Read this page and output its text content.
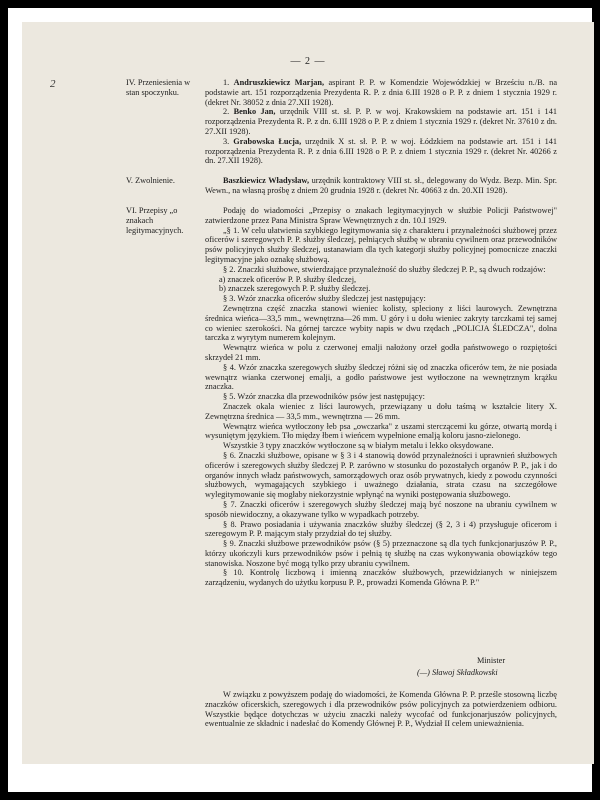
— 2 —
2	IV. Przeniesienia w stan spoczynku.

1. Andruszkiewicz Marjan, aspirant P. P. w Komendzie Wojewódzkiej w Brześciu n./B. na podstawie art. 151 rozporządzenia Prezydenta R. P. z dnia 6.III 1928 o P. P. z dniem 1 stycznia 1929 r. (dekret Nr. 38052 z dnia 27.XII 1928).

2. Benko Jan, urzędnik VIII st. sł. P. P. w woj. Krakowskiem na podstawie art. 151 i 141 rozporządzenia Prezydenta R. P. z dn. 6.III 1928 o P. P. z dniem 1 stycznia 1929 r. (dekret Nr. 37610 z dn. 27.XII 1928).

3. Grabowska Łucja, urzędnik X st. sł. P. P. w woj. Łódzkiem na podstawie art. 151 i 141 rozporządzenia Prezydenta R. P. z dnia 6.III 1928 o P. P. z dniem 1 stycznia 1929 r. (dekret Nr. 40266 z dn. 27.XII 1928).

V. Zwolnienie.	Baszkiewicz Władysław, urzędnik kontraktowy VIII st. sł., delegowany do Wydz. Bezp. Min. Spr. Wewn., na własną prośbę z dniem 20 grudnia 1928 r. (dekret Nr. 40663 z dn. 20.XII 1928).

VI. Przepisy „o znakach legitymacyjnych.

Podaję do wiadomości „Przepisy o znakach legitymacyjnych w służbie Policji Państwowej" zatwierdzone przez Pana Ministra Spraw Wewnętrznych z dn. 10.I 1929.

„§ 1. W celu ułatwienia szybkiego legitymowania się z charakteru i przynależności służbowej przez oficerów i szeregowych P. P. służby śledczej, pełniących służbę w ubraniu cywilnem oraz przewodników psów policyjnych służby śledczej, ustanawiam dla tych kategorji służby policyjnej pomocnicze znaczki legitymacyjne jako oznakę służbową.

§ 2. Znaczki służbowe, stwierdzające przynależność do służby śledczej P. P., są dwuch rodzajów:

a) znaczek oficerów P. P. służby śledczej,

b) znaczek szeregowych P. P. służby śledczej.

§ 3. Wzór znaczka oficerów służby śledczej jest następujący:

Zewnętrzna część znaczka stanowi wieniec kolisty, spleciony z liści laurowych. Zewnętrzna średnica wieńca—33,5 mm., wewnętrzna—26 mm. U góry i u dołu wieniec zakryty tarczkami tej samej co wieniec szerokości. Na górnej tarczce wybity napis w dwu rzędach „POLICJA ŚLEDCZA", dolna tarczka z wyrytym numerem kolejnym.

Wewnątrz wieńca w polu z czerwonej emalji nałożony orzeł godła państwowego o rozpiętości skrzydeł 21 mm.

§ 4. Wzór znaczka szeregowych służby śledczej różni się od znaczka oficerów tem, że nie posiada wewnątrz wianka czerwonej emalji, a godło państwowe jest wytłoczone na wewnętrznym krążku znaczka.

§ 5. Wzór znaczka dla przewodników psów jest następujący:

Znaczek okala wieniec z liści laurowych, przewiązany u dołu taśmą w kształcie litery X. Zewnętrzna średnica — 33,5 mm., wewnętrzna — 26 mm.

Wewnątrz wieńca wytłoczony łeb psa „owczarka" z uszami sterczącemi ku górze, otwartą mordą i wysuniętym językiem. Tło między łbem i wieńcem wypełnione emalją koloru jasno-zielonego.

Wszystkie 3 typy znaczków wytłoczone są w białym metalu i lekko oksydowane.

§ 6. Znaczki służbowe, opisane w § 3 i 4 stanowią dowód przynależności i uprawnień służbowych oficerów i szeregowych służby śledczej P. P. zarówno w stosunku do pozostałych organów P. P., jak i do organów innych władz państwowych, samorządowych oraz osób prywatnych, kiedy z powodu czynności służbowych, wymagających szybkiego i uważnego działania, strata czasu na szczegółowe wylegitymowanie się mogłaby niekorzystnie wpłynąć na wyniki postępowania służbowego.

§ 7. Znaczki oficerów i szeregowych służby śledczej mają być noszone na ubraniu cywilnem w sposób niewidoczny, a okazywane tylko w wypadkach potrzeby.

§ 8. Prawo posiadania i używania znaczków służby śledczej (§ 2, 3 i 4) przysługuje oficerom i szeregowym P. P. mającym stały przydział do tej służby.

§ 9. Znaczki służbowe przewodników psów (§ 5) przeznaczone są dla tych funkcjonarjuszów P. P., którzy ukończyli kurs przewodników psów i pełnią tę służbę na czas wykonywania obowiązków tego stanowiska. Noszone być mogą tylko przy ubraniu cywilnem.

§ 10. Kontrolę liczbową i imienną znaczków służbowych, przewidzianych w niniejszem zarządzeniu, wydanych do użytku korpusu P. P., prowadzi Komenda Główna P. P."

Minister
(—) Sławoj Składkowski

W związku z powyższem podaję do wiadomości, że Komenda Główna P. P. prześle stosowną liczbę znaczków oficerskich, szeregowych i dla przewodników psów policyjnych za potwierdzeniem odbioru. Wszystkie będące dotychczas w użyciu znaczki należy wycofać od funkcjonarjuszów policyjnych, ewentualnie ze składnic i nadesłać do Komendy Głównej P. P., Wydział II celem unieważnienia.

Archiwum Akt Nowych
